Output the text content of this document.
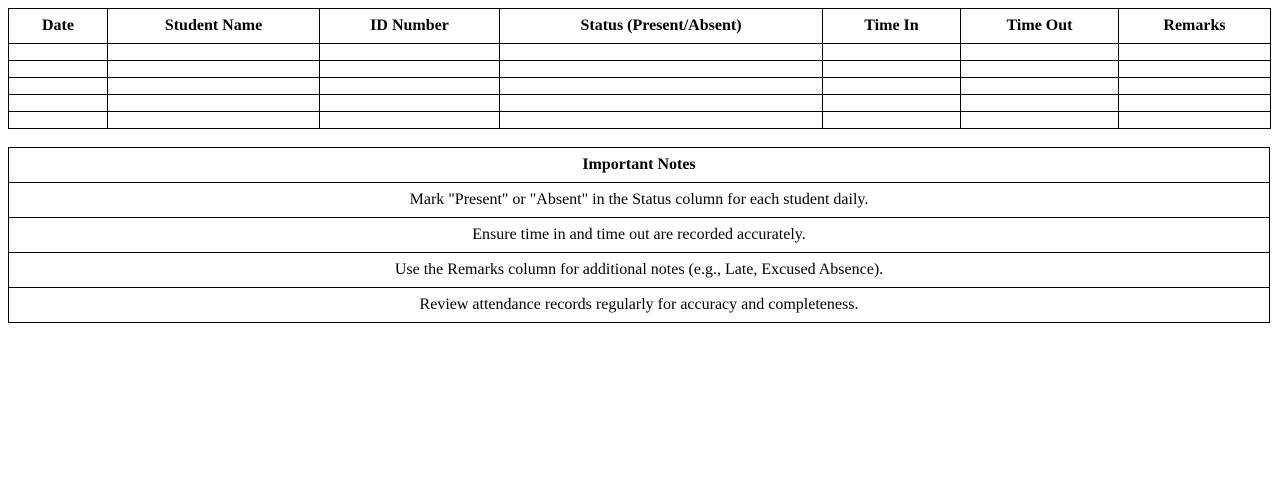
Date	Student Name	ID Number	Status (Present/Absent)	Time In	Time Out	Remarks

Important Notes
Mark "Present" or "Absent" in the Status column for each student daily.
Ensure time in and time out are recorded accurately.
Use the Remarks column for additional notes (e.g., Late, Excused Absence).
Review attendance records regularly for accuracy and completeness.
